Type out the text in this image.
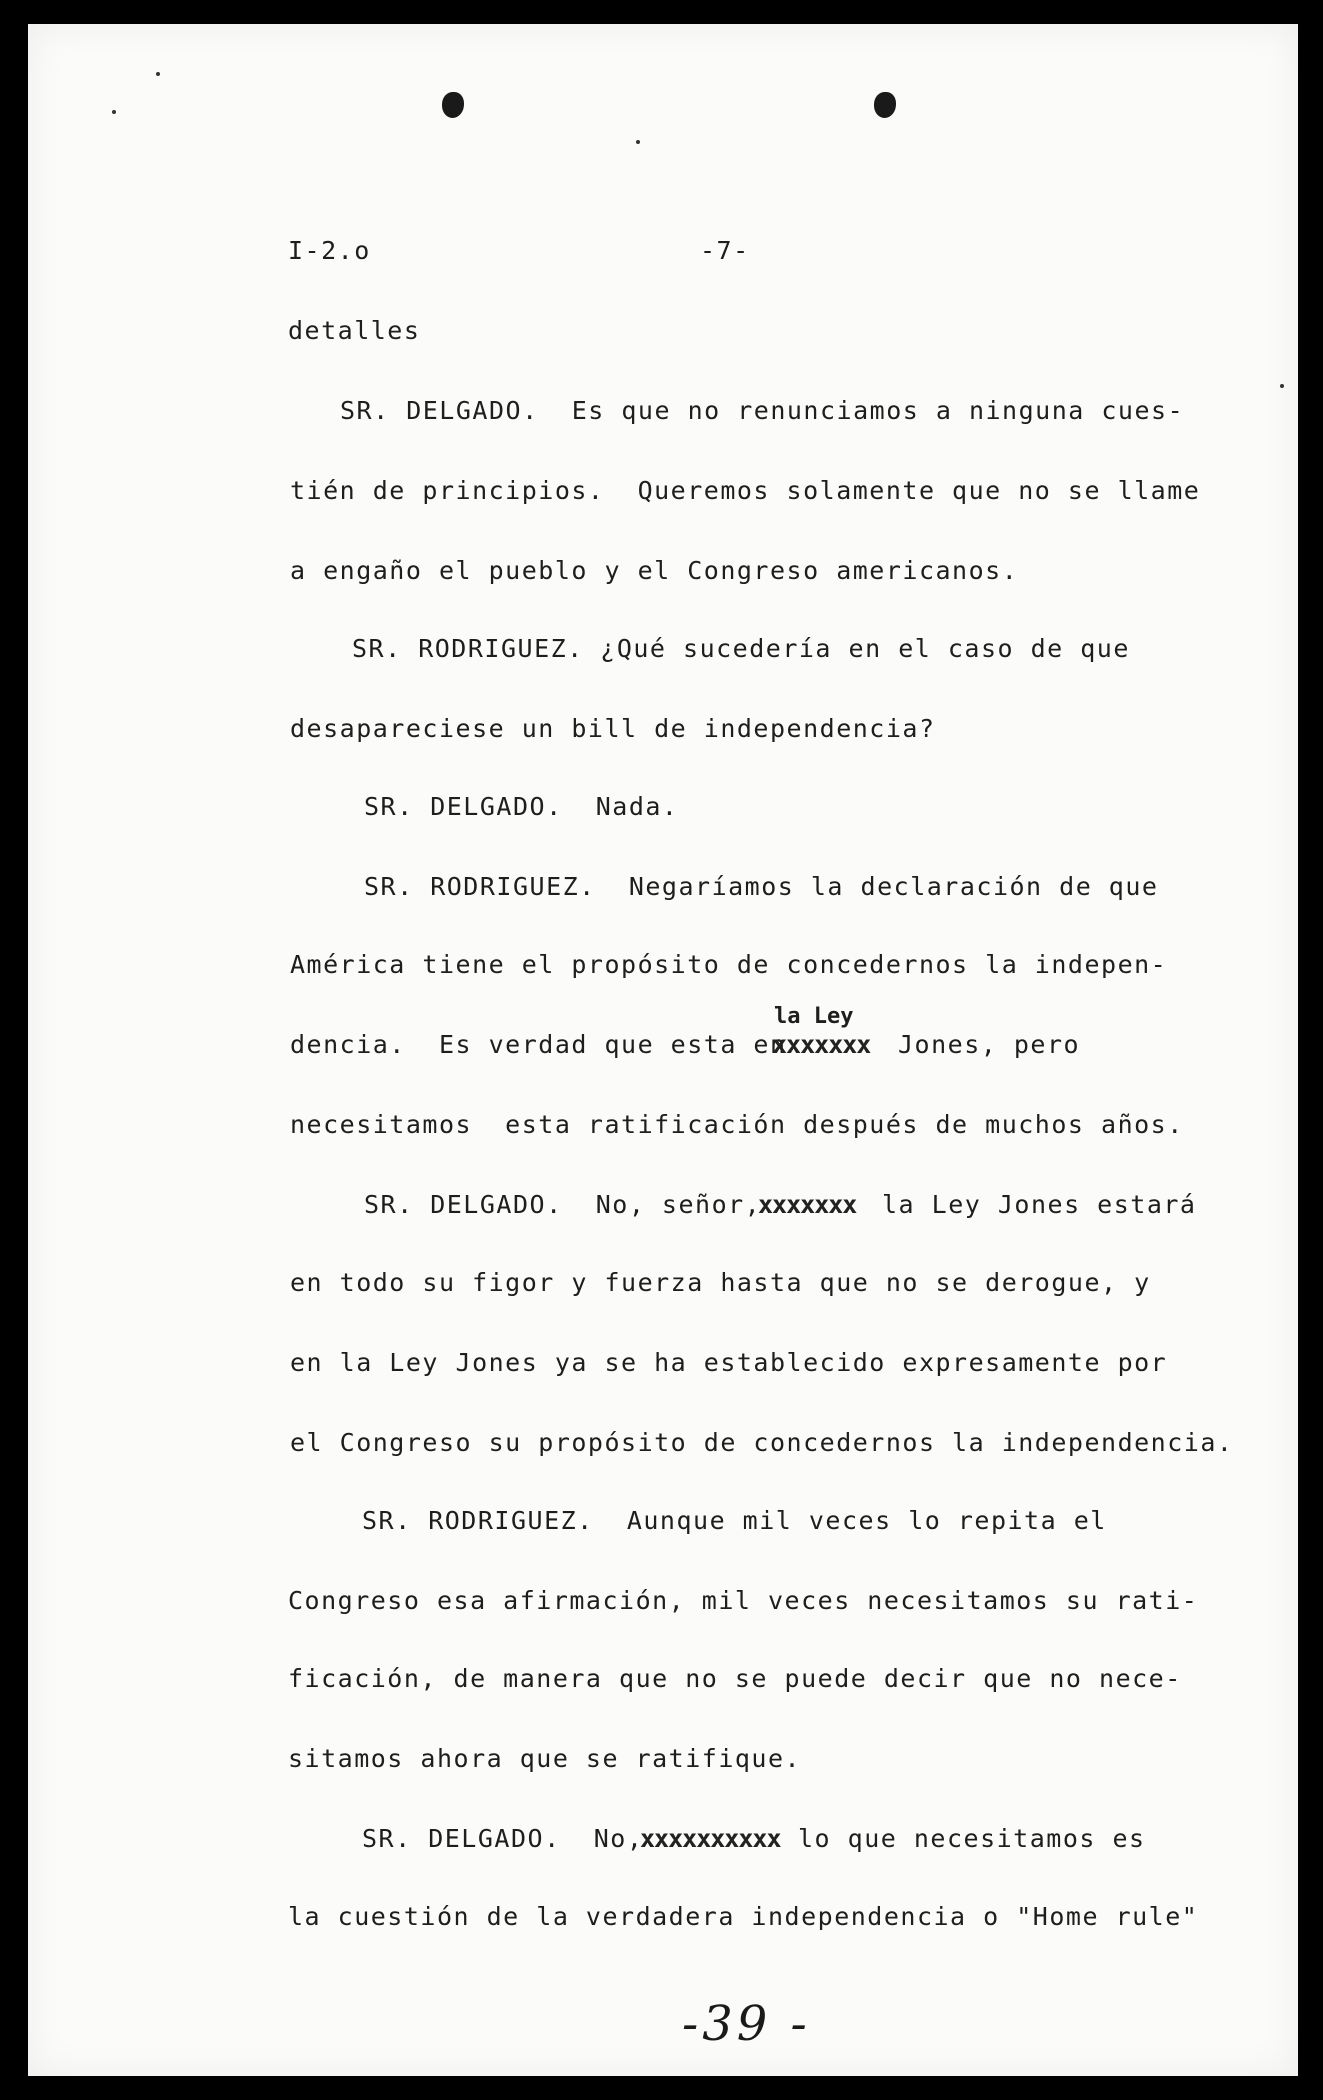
I-2.o	-7-
detalles
SR. DELGADO.  Es que no renunciamos a ninguna cues-
tién de principios.  Queremos solamente que no se llame
a engaño el pueblo y el Congreso americanos.
SR. RODRIGUEZ. ¿Qué sucedería en el caso de que
desapareciese un bill de independencia?
SR. DELGADO.  Nada.
SR. RODRIGUEZ.  Negaríamos la declaración de que
América tiene el propósito de concedernos la indepen-
la Ley
dencia.  Es verdad que esta en
xxxxxxx Jones, pero
necesitamos  esta ratificación después de muchos años.
SR. DELGADO.  No, señor,
xxxxxxx la Ley Jones estará
en todo su figor y fuerza hasta que no se derogue, y
en la Ley Jones ya se ha establecido expresamente por
el Congreso su propósito de concedernos la independencia.
SR. RODRIGUEZ.  Aunque mil veces lo repita el
Congreso esa afirmación, mil veces necesitamos su rati-
ficación, de manera que no se puede decir que no nece-
sitamos ahora que se ratifique.
SR. DELGADO.  No,
xxxxxxxxxx lo que necesitamos es
la cuestión de la verdadera independencia o "Home rule"
-39 -
